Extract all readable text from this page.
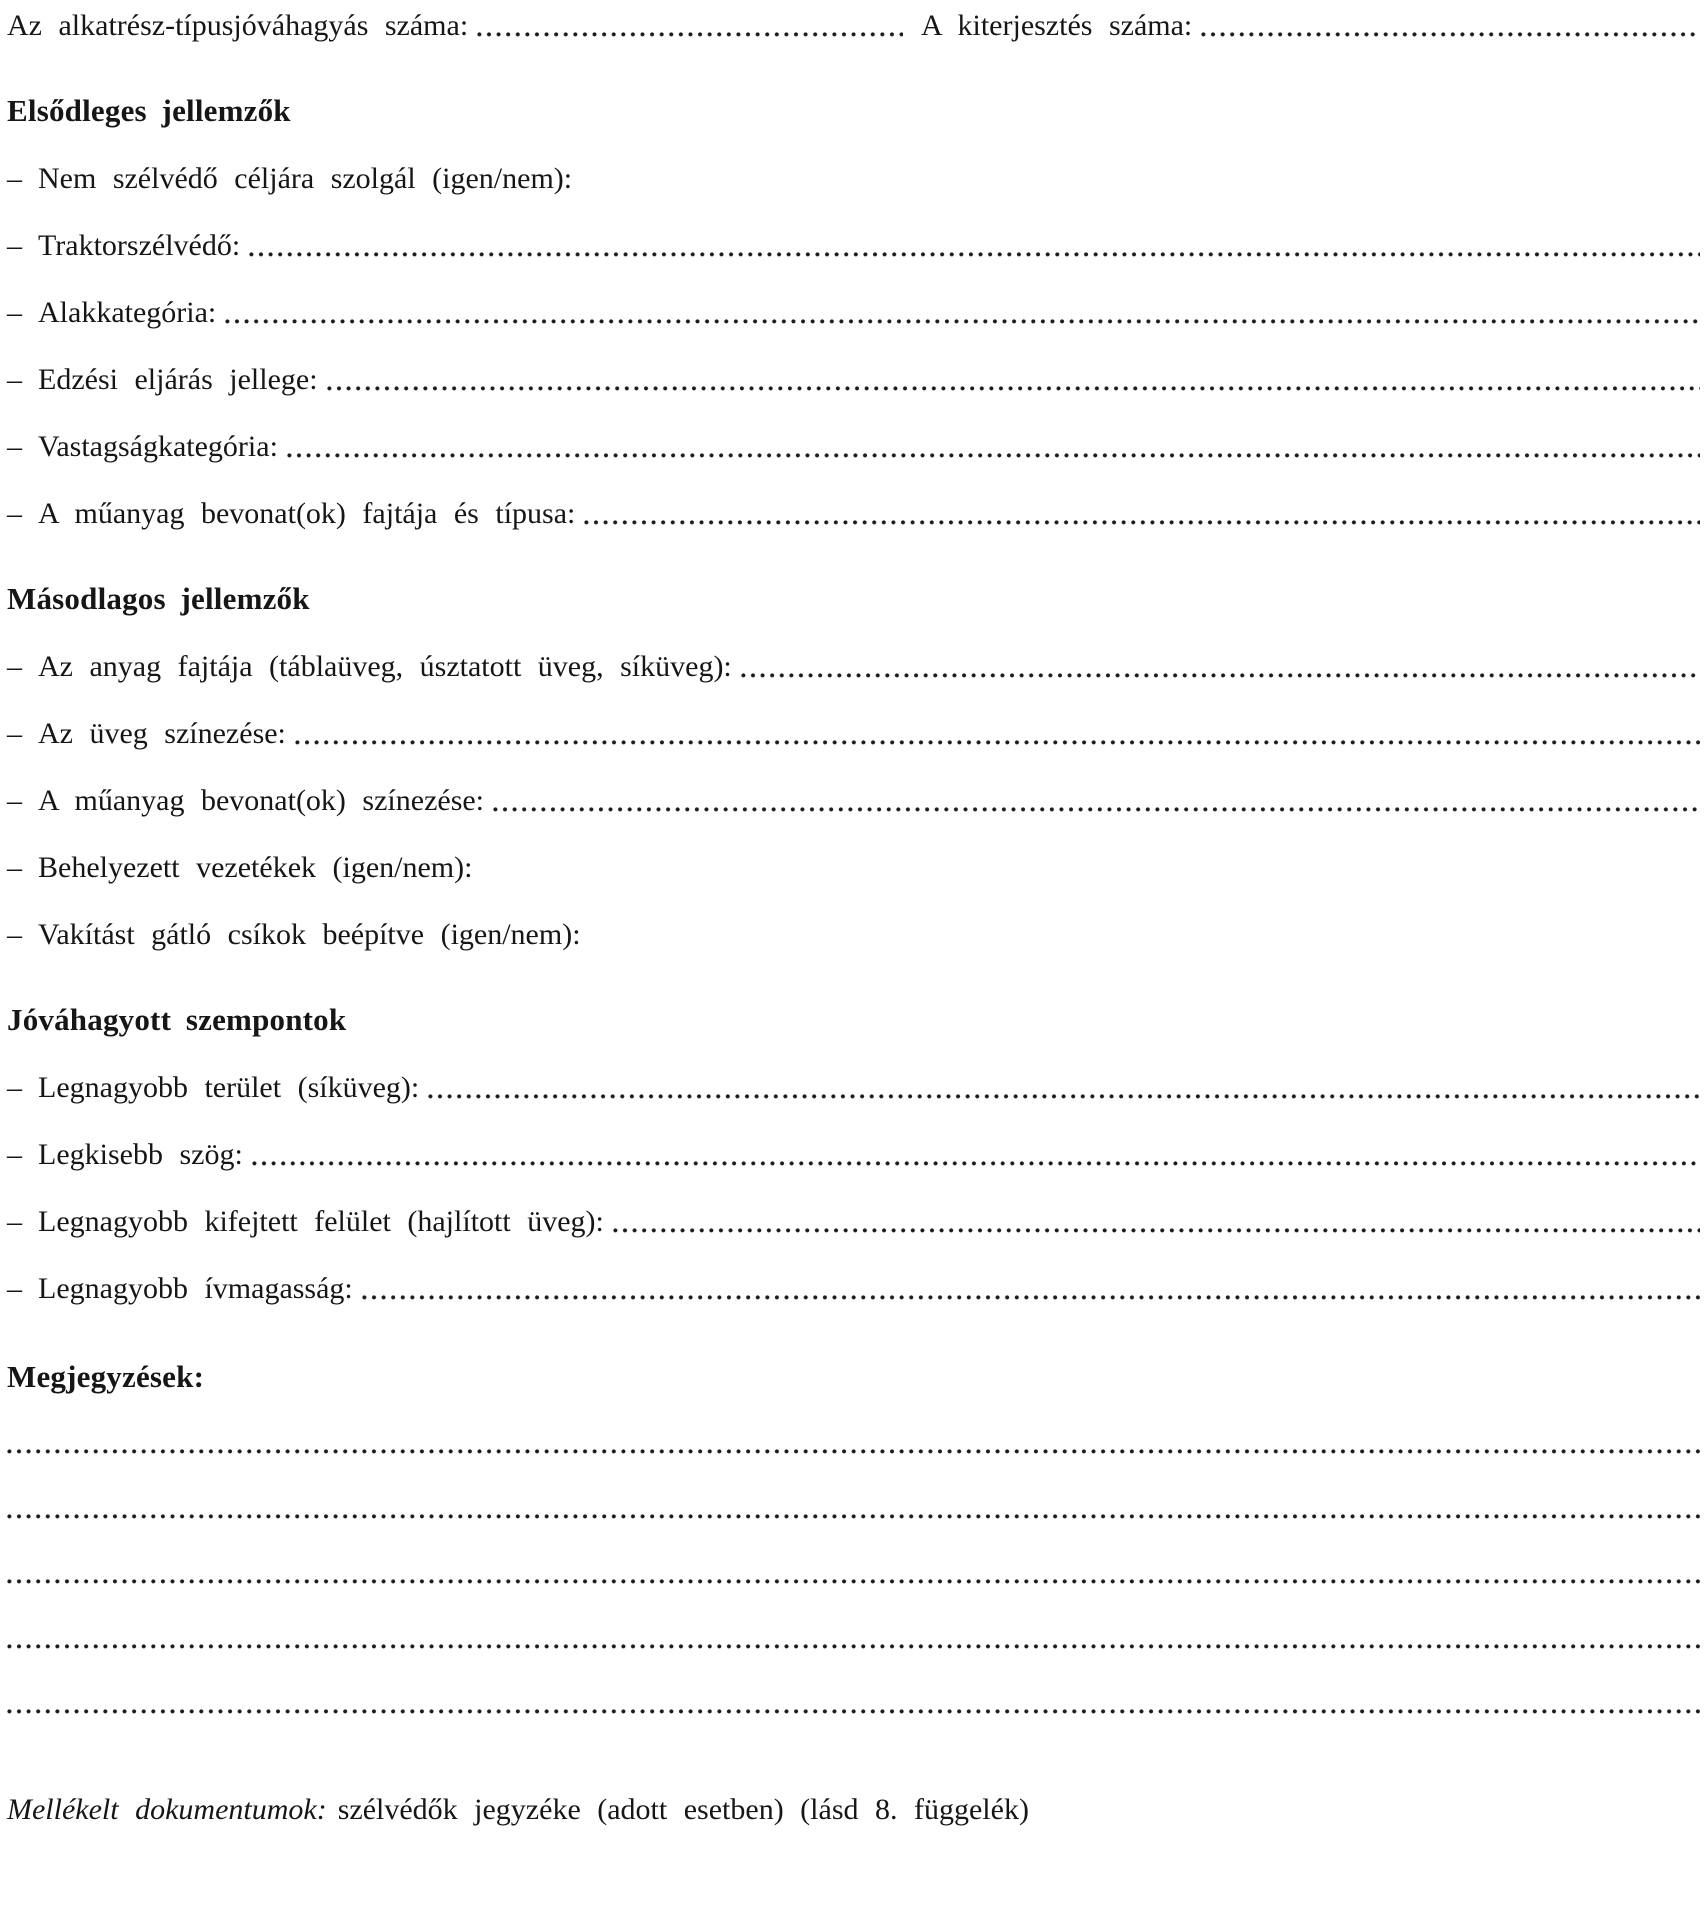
Az alkatrész-típusjóváhagyás száma:	A kiterjesztés száma:
Elsődleges jellemzők
– Nem szélvédő céljára szolgál (igen/nem):
– Traktorszélvédő:
– Alakkategória:
– Edzési eljárás jellege:
– Vastagságkategória:
– A műanyag bevonat(ok) fajtája és típusa:
Másodlagos jellemzők
– Az anyag fajtája (táblaüveg, úsztatott üveg, síküveg):
– Az üveg színezése:
– A műanyag bevonat(ok) színezése:
– Behelyezett vezetékek (igen/nem):
– Vakítást gátló csíkok beépítve (igen/nem):
Jóváhagyott szempontok
– Legnagyobb terület (síküveg):
– Legkisebb szög:
– Legnagyobb kifejtett felület (hajlított üveg):
– Legnagyobb ívmagasság:
Megjegyzések:
Mellékelt dokumentumok: szélvédők jegyzéke (adott esetben) (lásd 8. függelék)
